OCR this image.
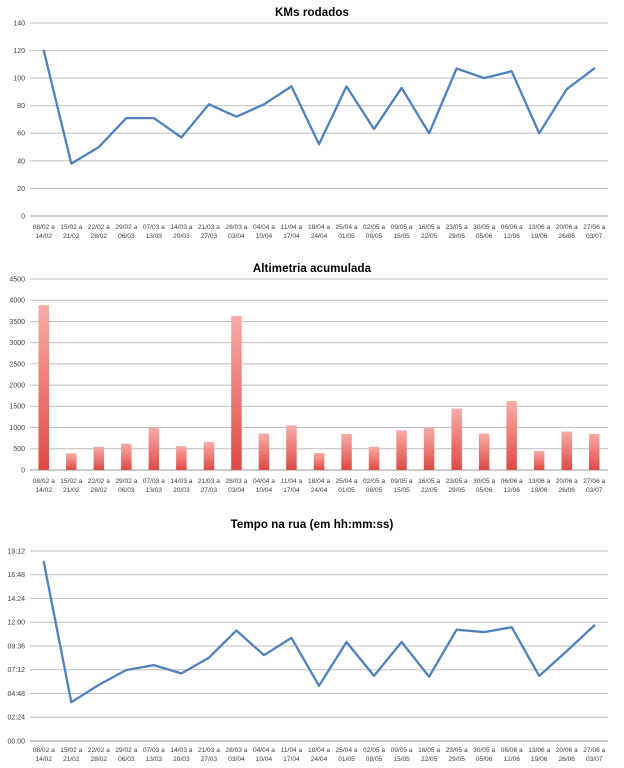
KMs rodados
0
20
40
60
80
100
120
140
08/02 a
14/02
15/02 a
21/02
22/02 a
28/02
29/02 a
06/03
07/03 a
13/03
14/03 a
20/03
21/03 a
27/03
28/03 a
03/04
04/04 a
10/04
11/04 a
17/04
18/04 a
24/04
25/04 a
01/05
02/05 a
08/05
09/05 a
15/05
16/05 a
22/05
23/05 a
29/05
30/05 a
05/06
06/06 a
12/06
13/06 a
19/06
20/06 a
26/06
27/06 a
03/07
Altimetria acumulada
0
500
1000
1500
2000
2500
3000
3500
4000
4500
08/02 a
14/02
15/02 a
21/02
22/02 a
28/02
29/02 a
06/03
07/03 a
13/03
14/03 a
20/03
21/03 a
27/03
28/03 a
03/04
04/04 a
10/04
11/04 a
17/04
18/04 a
24/04
25/04 a
01/05
02/05 a
08/05
09/05 a
15/05
16/05 a
22/05
23/05 a
29/05
30/05 a
05/06
06/06 a
12/06
13/06 a
19/06
20/06 a
26/06
27/06 a
03/07
Tempo na rua (em hh:mm:ss)
00:00
02:24
04:48
07:12
09:36
12:00
14:24
16:48
19:12
08/02 a
14/02
15/02 a
21/02
22/02 a
28/02
29/02 a
06/03
07/03 a
13/03
14/03 a
20/03
21/03 a
27/03
28/03 a
03/04
04/04 a
10/04
11/04 a
17/04
18/04 a
24/04
25/04 a
01/05
02/05 a
08/05
09/05 a
15/05
16/05 a
22/05
23/05 a
29/05
30/05 a
05/06
06/06 a
12/06
13/06 a
19/06
20/06 a
26/06
27/06 a
03/07
